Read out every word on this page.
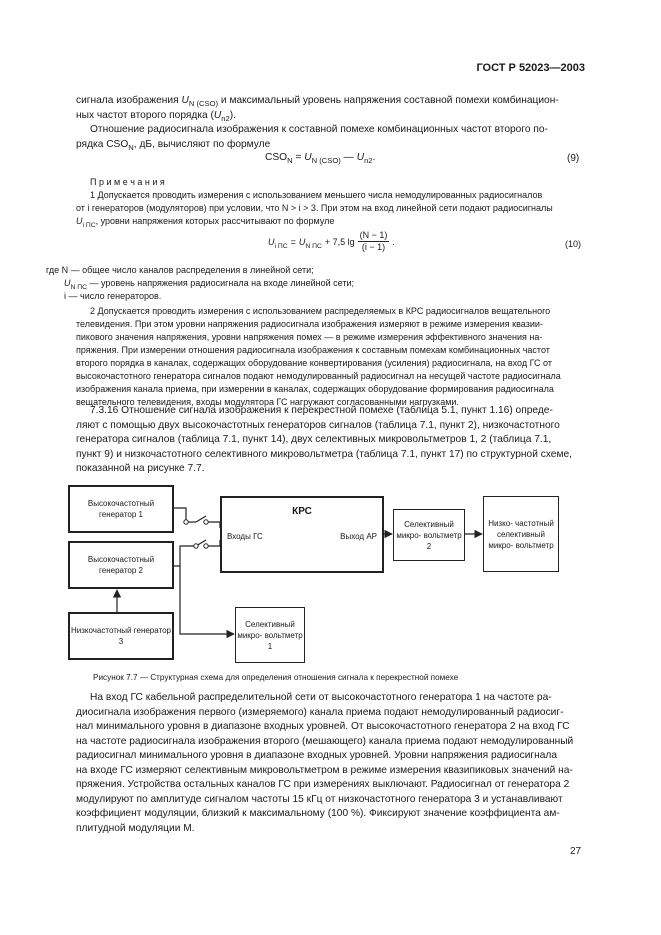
ГОСТ Р 52023—2003
сигнала изображения $U_{N (CSO)}$ и максимальный уровень напряжения составной помехи комбинацион-
ных частот второго порядка $(U_{n2})$.
Отношение радиосигнала изображения к составной помехе комбинационных частот второго по-
рядка $CSO_N$, дБ, вычисляют по формуле
$CSO_N = U_{N (CSO)}$ — $U_{n2}$.	(9)
П р и м е ч а н и я
1 Допускается проводить измерения с использованием меньшего числа немодулированных радиосигналов
от i генераторов (модуляторов) при условии, что N > i > 3. При этом на вход линейной сети подают радиосигналы
$U_{i ПС}$, уровни напряжения которых рассчитывают по формуле
$U_{i ПС} = U_{N ПС} + 7,5$ lg
(N − 1)
(i − 1)
.	(10)
где N — общее число каналов распределения в линейной сети;
$U_{N ПС}$ — уровень напряжения радиосигнала на входе линейной сети;
i — число генераторов.
2 Допускается проводить измерения с использованием распределяемых в КРС радиосигналов вещательного
телевидения. При этом уровни напряжения радиосигнала изображения измеряют в режиме измерения квазии-
пикового значения напряжения, уровни напряжения помех — в режиме измерения эффективного значения на-
пряжения. При измерении отношения радиосигнала изображения к составным помехам комбинационных частот
второго порядка в каналах, содержащих оборудование конвертирования (усиления) радиосигнала, на вход ГС от
высокочастотного генератора сигналов подают немодулированный радиосигнал на несущей частоте радиосигнала
изображения канала приема, при измерении в каналах, содержащих оборудование формирования радиосигнала
вещательного телевидения, входы модулятора ГС нагружают согласованными нагрузками.
7.3.16 Отношение сигнала изображения к перекрестной помехе (таблица 5.1, пункт 1.16) опреде-
ляют с помощью двух высокочастотных генераторов сигналов (таблица 7.1, пункт 2), низкочастотного
генератора сигналов (таблица 7.1, пункт 14), двух селективных микровольтметров 1, 2 (таблица 7.1,
пункт 9) и низкочастотного селективного микровольтметра (таблица 7.1, пункт 17) по структурной схеме,
показанной на рисунке 7.7.
Высокочастотный генератор 1
Высокочастотный генератор 2
Низкочастотный генератор 3
КРС
Входы ГС	Выход АР
Селективный микро- вольтметр 2
Низко- частотный селективный микро- вольтметр
Селективный микро- вольтметр 1
Рисунок 7.7 — Структурная схема для определения отношения сигнала к перекрестной помехе
На вход ГС кабельной распределительной сети от высокочастотного генератора 1 на частоте ра-
диосигнала изображения первого (измеряемого) канала приема подают немодулированный радиосиг-
нал минимального уровня в диапазоне входных уровней. От высокочастотного генератора 2 на вход ГС
на частоте радиосигнала изображения второго (мешающего) канала приема подают немодулированный
радиосигнал минимального уровня в диапазоне входных уровней. Уровни напряжения радиосигнала
на входе ГС измеряют селективным микровольтметром в режиме измерения квазипиковых значений на-
пряжения. Устройства остальных каналов ГС при измерениях выключают. Радиосигнал от генератора 2
модулируют по амплитуде сигналом частоты 15 кГц от низкочастотного генератора 3 и устанавливают
коэффициент модуляции, близкий к максимальному (100 %). Фиксируют значение коэффициента ам-
плитудной модуляции М.
27
